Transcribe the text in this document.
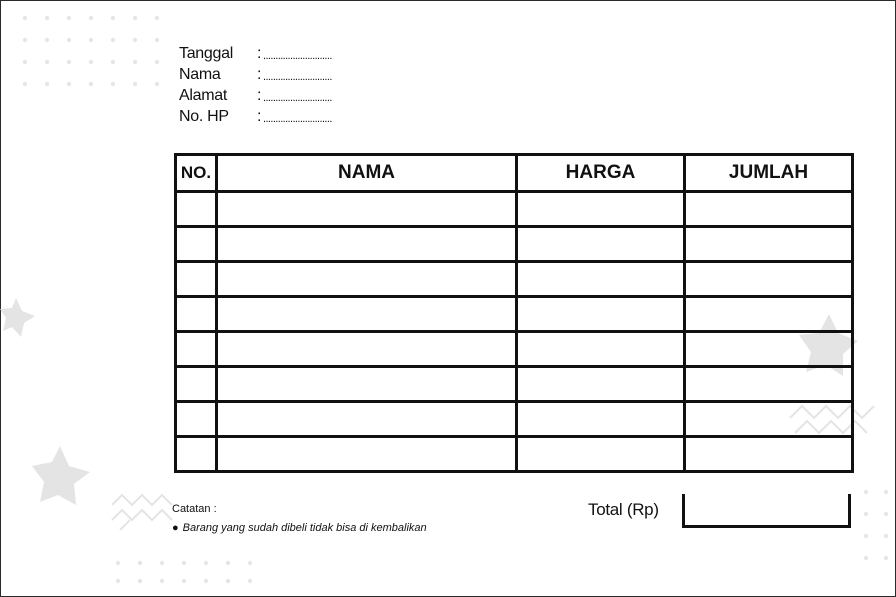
Tanggal	: ............................
Nama	: ............................
Alamat	: ............................
No. HP	: ............................
NO.	NAMA	HARGA	JUMLAH

Total (Rp)
Catatan :
● Barang yang sudah dibeli tidak bisa di kembalikan
